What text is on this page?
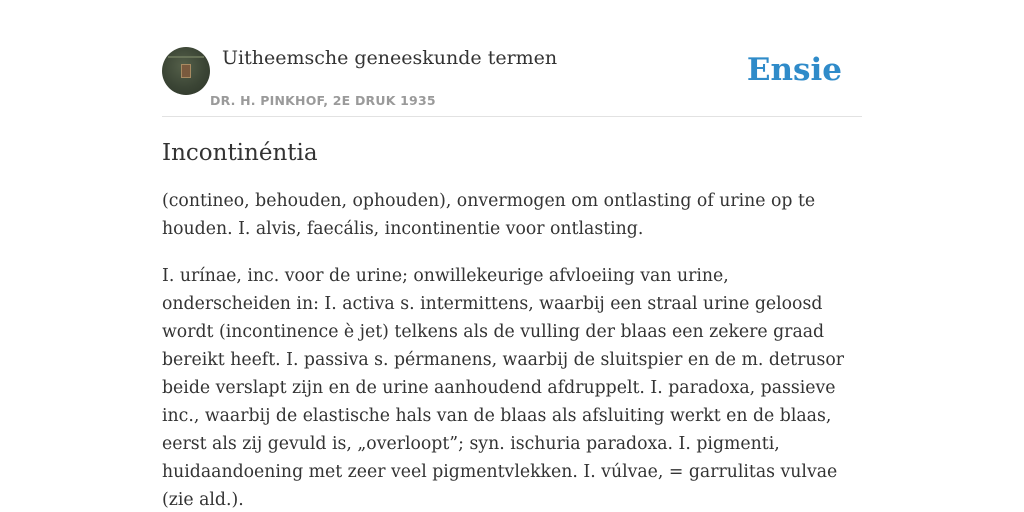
Uitheemsche geneeskunde termen
DR. H. PINKHOF, 2E DRUK 1935
Ensie
Incontinéntia

(contineo, behouden, ophouden), onvermogen om ontlasting of urine op te houden. I. alvis, faecális, incontinentie voor ontlasting.

I. urínae, inc. voor de urine; onwillekeurige afvloeiing van urine, onderscheiden in: I. activa s. intermittens, waarbij een straal urine geloosd wordt (incontinence è jet) telkens als de vulling der blaas een zekere graad bereikt heeft. I. passiva s. pérmanens, waarbij de sluitspier en de m. detrusor beide verslapt zijn en de urine aanhoudend afdruppelt. I. paradoxa, passieve inc., waarbij de elastische hals van de blaas als afsluiting werkt en de blaas, eerst als zij gevuld is, „overloopt”; syn. ischuria paradoxa. I. pigmenti, huidaandoening met zeer veel pigmentvlekken. I. vúlvae, = garrulitas vulvae (zie ald.).
